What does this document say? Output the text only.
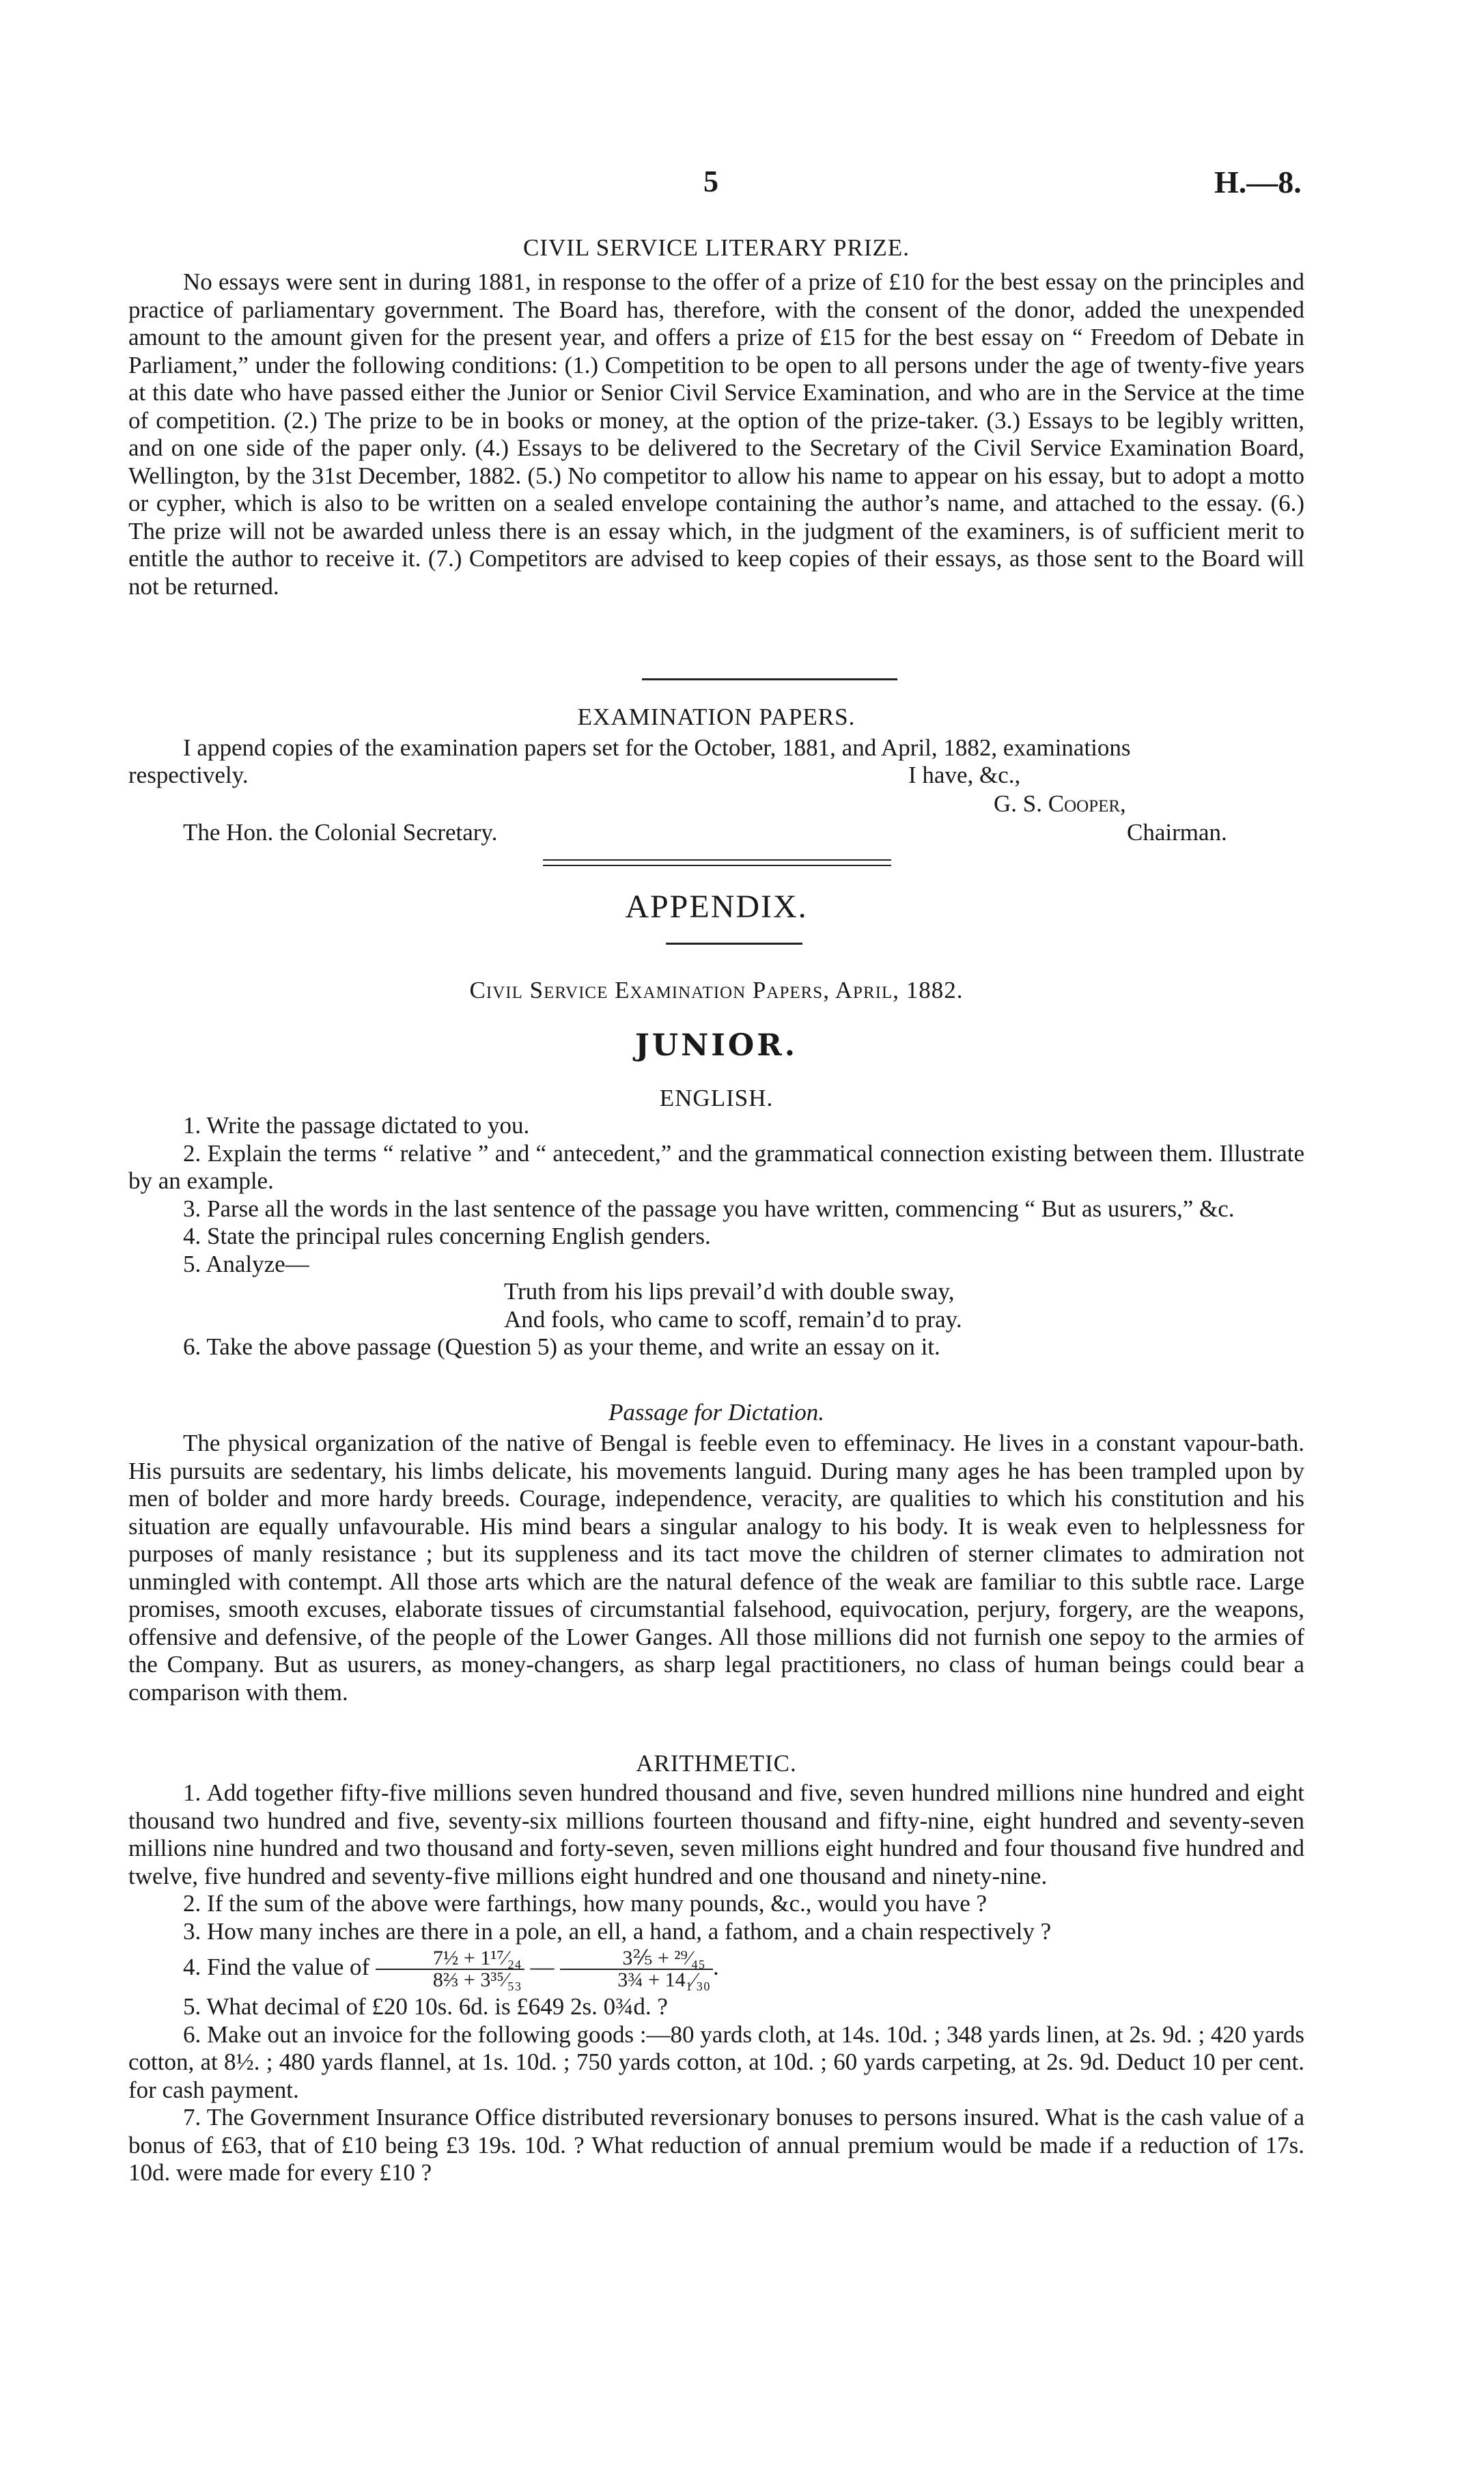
5	H.—8.
CIVIL SERVICE LITERARY PRIZE.

No essays were sent in during 1881, in response to the offer of a prize of £10 for the best essay on the principles and practice of parliamentary government. The Board has, therefore, with the consent of the donor, added the unexpended amount to the amount given for the present year, and offers a prize of £15 for the best essay on “ Freedom of Debate in Parliament,” under the following conditions: (1.) Competition to be open to all persons under the age of twenty-five years at this date who have passed either the Junior or Senior Civil Service Examination, and who are in the Service at the time of competition. (2.) The prize to be in books or money, at the option of the prize-taker. (3.) Essays to be legibly written, and on one side of the paper only. (4.) Essays to be delivered to the Secretary of the Civil Service Examination Board, Wellington, by the 31st December, 1882. (5.) No competitor to allow his name to appear on his essay, but to adopt a motto or cypher, which is also to be written on a sealed envelope containing the author’s name, and attached to the essay. (6.) The prize will not be awarded unless there is an essay which, in the judgment of the examiners, is of sufficient merit to entitle the author to receive it. (7.) Competitors are advised to keep copies of their essays, as those sent to the Board will not be returned.

EXAMINATION PAPERS.

I append copies of the examination papers set for the October, 1881, and April, 1882, examinations

respectively.	I have, &c.,
G. S. Cooper,
The Hon. the Colonial Secretary.	Chairman.
APPENDIX.
Civil Service Examination Papers, April, 1882.
JUNIOR.
ENGLISH.
1. Write the passage dictated to you.
2. Explain the terms “ relative ” and “ antecedent,” and the grammatical connection existing between them. Illustrate by an example.
3. Parse all the words in the last sentence of the passage you have written, commencing “ But as usurers,” &c.
4. State the principal rules concerning English genders.
5. Analyze—
Truth from his lips prevail’d with double sway,
And fools, who came to scoff, remain’d to pray.
6. Take the above passage (Question 5) as your theme, and write an essay on it.
Passage for Dictation.

The physical organization of the native of Bengal is feeble even to effeminacy. He lives in a constant vapour-bath. His pursuits are sedentary, his limbs delicate, his movements languid. During many ages he has been trampled upon by men of bolder and more hardy breeds. Courage, independence, veracity, are qualities to which his constitution and his situation are equally unfavourable. His mind bears a singular analogy to his body. It is weak even to helplessness for purposes of manly resistance ; but its suppleness and its tact move the children of sterner climates to admiration not unmingled with contempt. All those arts which are the natural defence of the weak are familiar to this subtle race. Large promises, smooth excuses, elaborate tissues of circumstantial falsehood, equivocation, perjury, forgery, are the weapons, offensive and defensive, of the people of the Lower Ganges. All those millions did not furnish one sepoy to the armies of the Company. But as usurers, as money-changers, as sharp legal practitioners, no class of human beings could bear a comparison with them.

ARITHMETIC.
1. Add together fifty-five millions seven hundred thousand and five, seven hundred millions nine hundred and eight thousand two hundred and five, seventy-six millions fourteen thousand and fifty-nine, eight hundred and seventy-seven millions nine hundred and two thousand and forty-seven, seven millions eight hundred and four thousand five hundred and twelve, five hundred and seventy-five millions eight hundred and one thousand and ninety-nine.
2. If the sum of the above were farthings, how many pounds, &c., would you have ?
3. How many inches are there in a pole, an ell, a hand, a fathom, and a chain respectively ?
4. Find the value of $\frac{\text{7½ + 1¹⁷⁄₂₄}}{\text{8⅔ + 3³⁵⁄₅₃}}$ — $\frac{\text{3⅖ + ²⁹⁄₄₅}}{\text{3¾ + 14₁⁄₃₀}}$ .
5. What decimal of £20 10s. 6d. is £649 2s. 0¾d. ?
6. Make out an invoice for the following goods :—80 yards cloth, at 14s. 10d. ; 348 yards linen, at 2s. 9d. ; 420 yards cotton, at 8½. ; 480 yards flannel, at 1s. 10d. ; 750 yards cotton, at 10d. ; 60 yards carpeting, at 2s. 9d. Deduct 10 per cent. for cash payment.
7. The Government Insurance Office distributed reversionary bonuses to persons insured. What is the cash value of a bonus of £63, that of £10 being £3 19s. 10d. ? What reduction of annual premium would be made if a reduction of 17s. 10d. were made for every £10 ?
